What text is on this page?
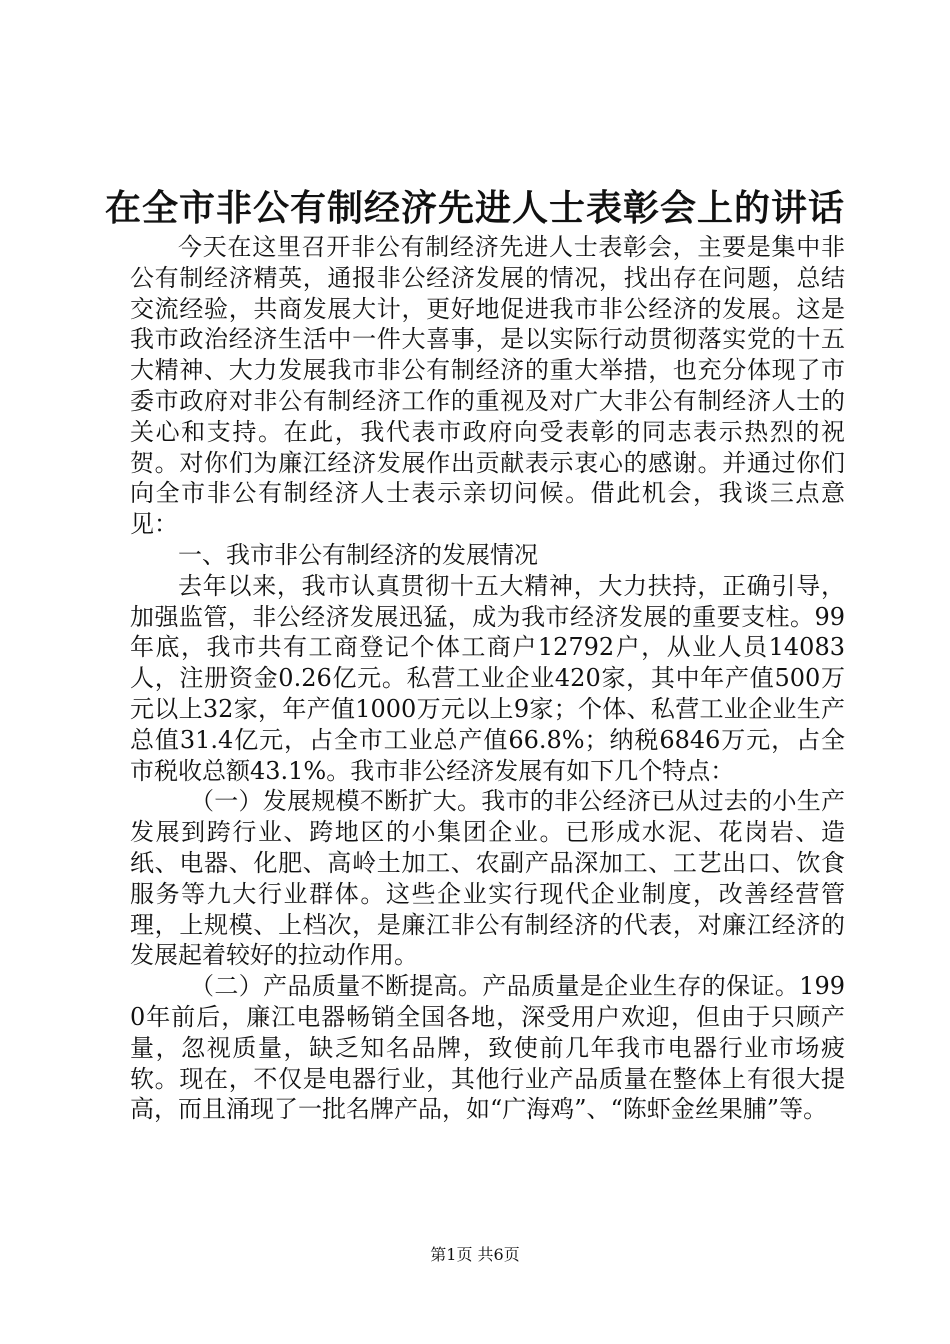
在全市非公有制经济先进人士表彰会上的讲话

今天在这里召开非公有制经济先进人士表彰会，主要是集中非公有制经济精英，通报非公经济发展的情况，找出存在问题，总结交流经验，共商发展大计，更好地促进我市非公经济的发展。这是我市政治经济生活中一件大喜事，是以实际行动贯彻落实党的十五大精神、大力发展我市非公有制经济的重大举措，也充分体现了市委市政府对非公有制经济工作的重视及对广大非公有制经济人士的关心和支持。在此，我代表市政府向受表彰的同志表示热烈的祝贺。对你们为廉江经济发展作出贡献表示衷心的感谢。并通过你们向全市非公有制经济人士表示亲切问候。借此机会，我谈三点意见：

一、我市非公有制经济的发展情况

去年以来，我市认真贯彻十五大精神，大力扶持，正确引导，加强监管，非公经济发展迅猛，成为我市经济发展的重要支柱。99年底，我市共有工商登记个体工商户12792户，从业人员14083人，注册资金0.26亿元。私营工业企业420家，其中年产值500万元以上32家，年产值1000万元以上9家；个体、私营工业企业生产总值31.4亿元，占全市工业总产值66.8%；纳税6846万元，占全市税收总额43.1%。我市非公经济发展有如下几个特点：

（一）发展规模不断扩大。我市的非公经济已从过去的小生产发展到跨行业、跨地区的小集团企业。已形成水泥、花岗岩、造纸、电器、化肥、高岭土加工、农副产品深加工、工艺出口、饮食服务等九大行业群体。这些企业实行现代企业制度，改善经营管理，上规模、上档次，是廉江非公有制经济的代表，对廉江经济的发展起着较好的拉动作用。

（二）产品质量不断提高。产品质量是企业生存的保证。1990年前后，廉江电器畅销全国各地，深受用户欢迎，但由于只顾产量，忽视质量，缺乏知名品牌，致使前几年我市电器行业市场疲软。现在，不仅是电器行业，其他行业产品质量在整体上有很大提高，而且涌现了一批名牌产品，如“广海鸡”、“陈虾金丝果脯”等。

第1页 共6页
